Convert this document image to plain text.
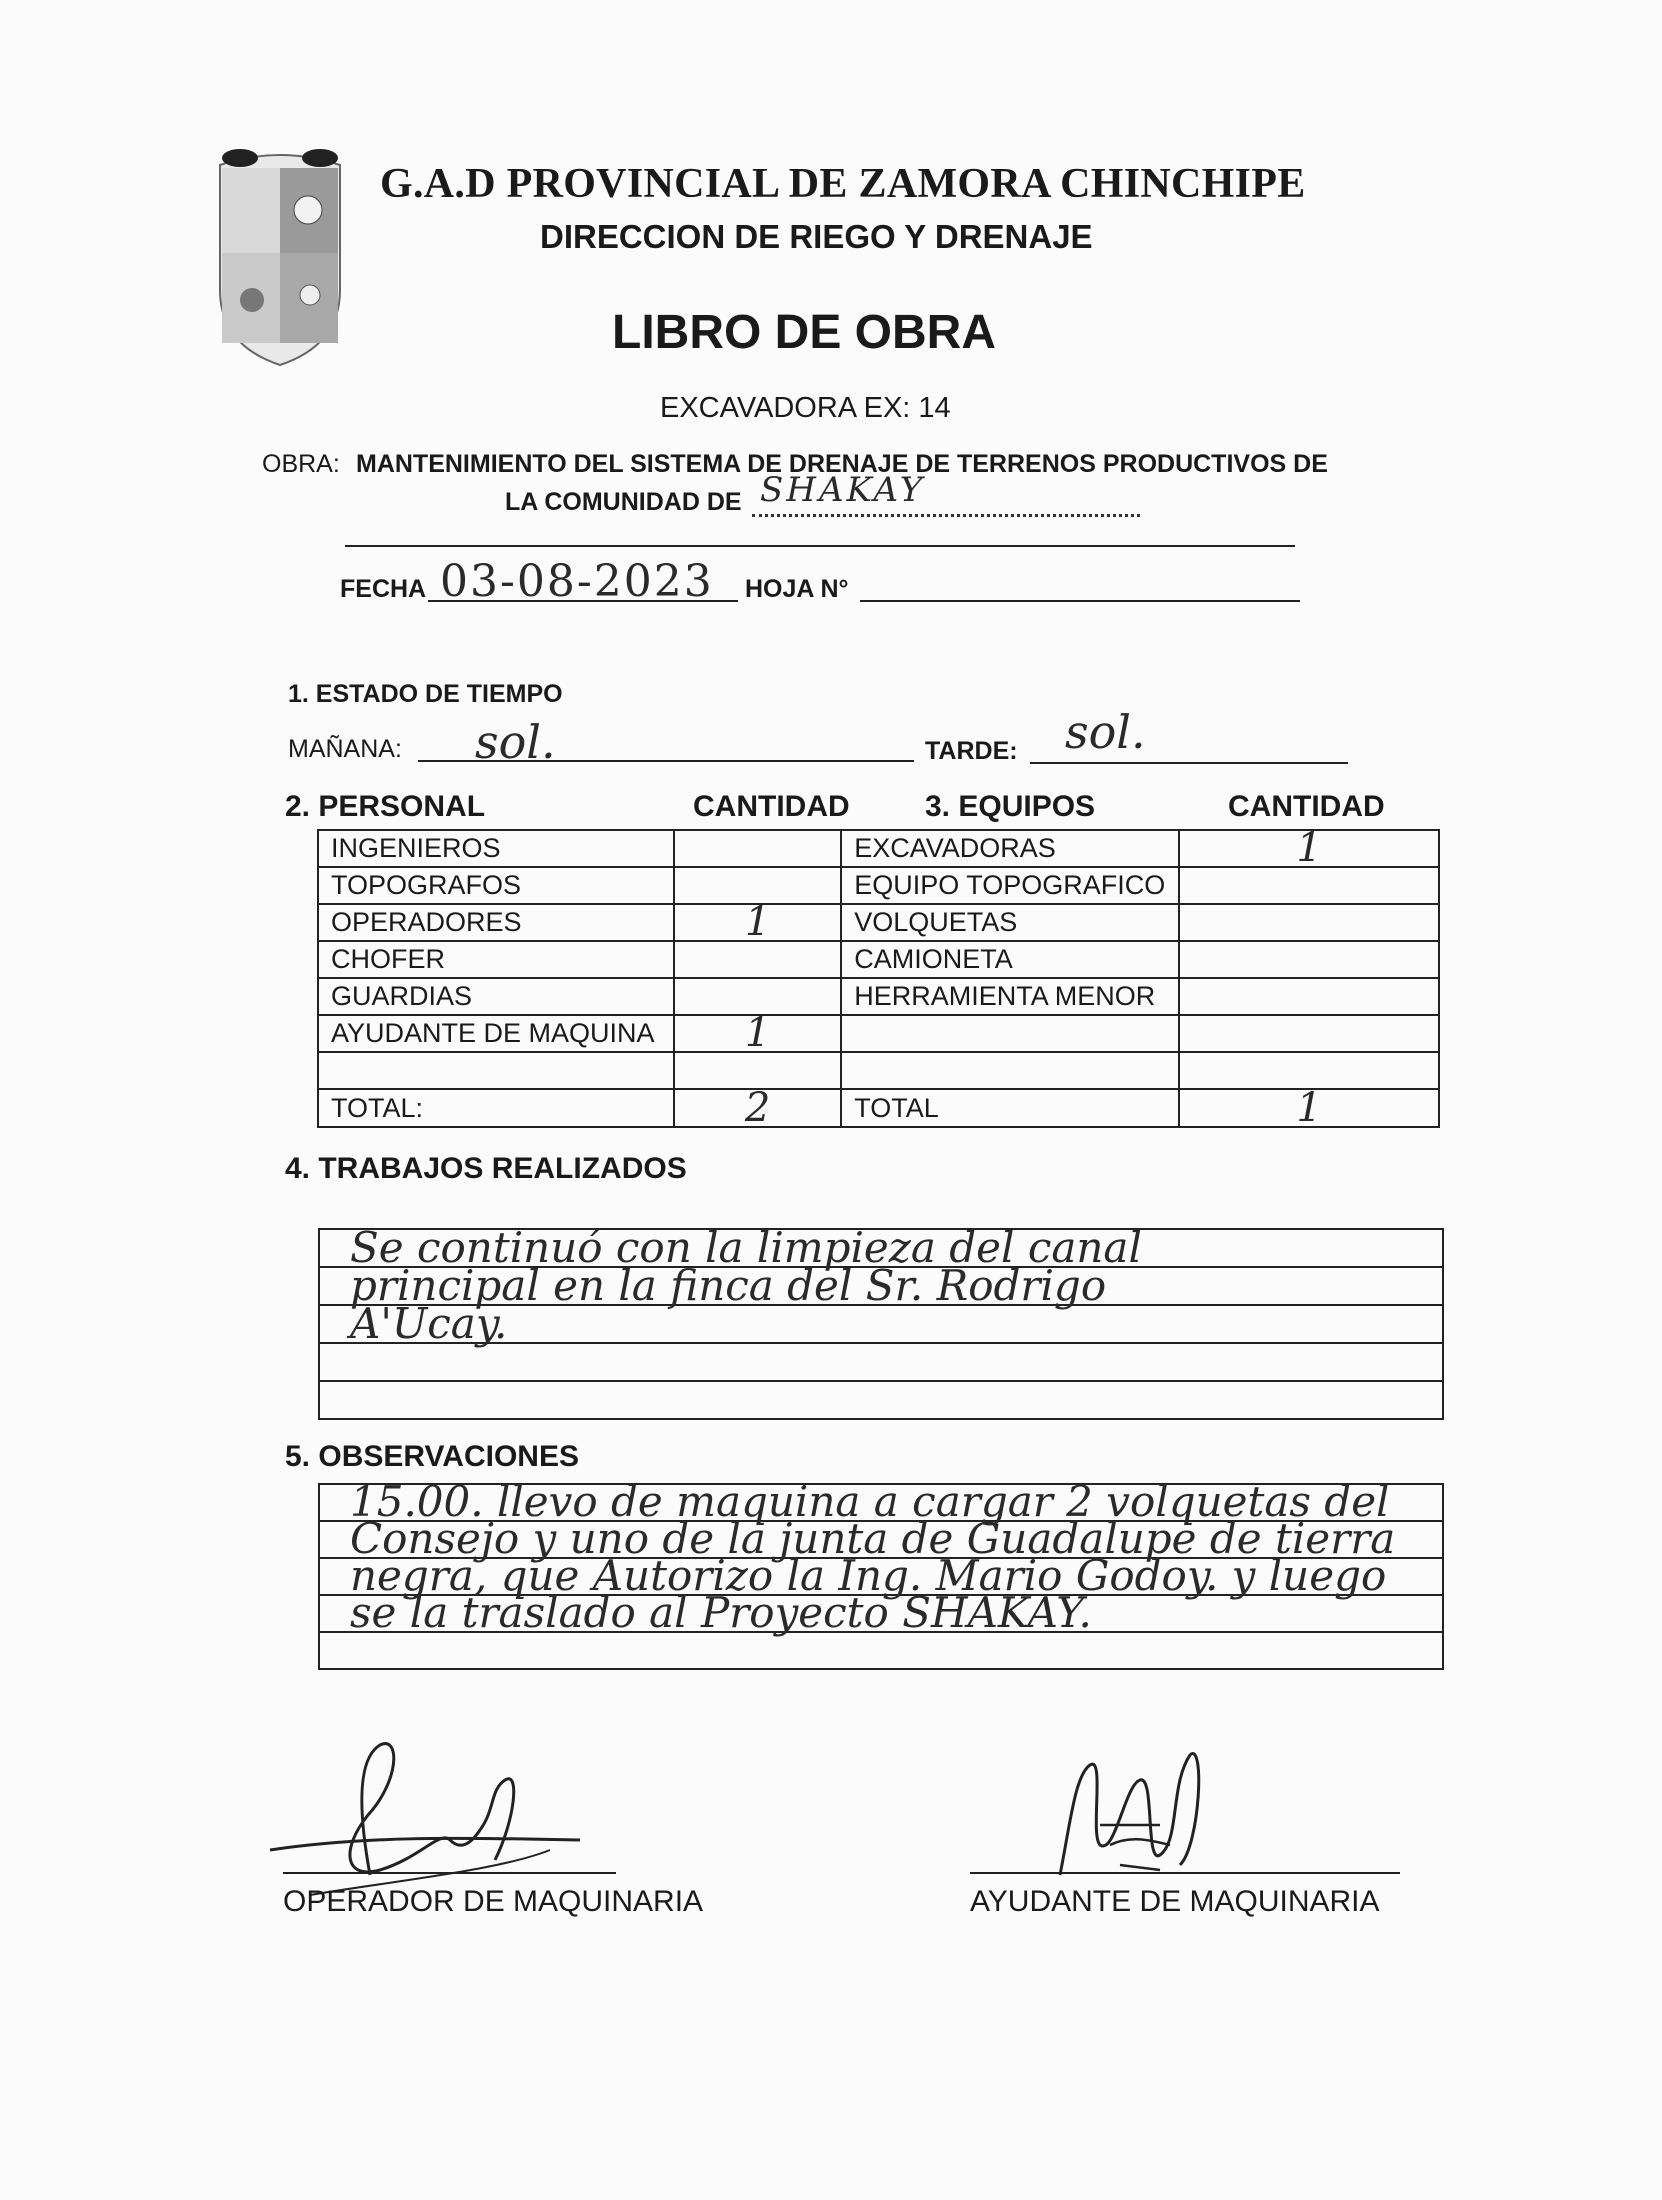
G.A.D PROVINCIAL DE ZAMORA CHINCHIPE
DIRECCION DE RIEGO Y DRENAJE
LIBRO DE OBRA
EXCAVADORA EX: 14
OBRA: MANTENIMIENTO DEL SISTEMA DE DRENAJE DE TERRENOS PRODUCTIVOS DE
LA COMUNIDAD DE SHAKAY
FECHA 03-08-2023 HOJA N°
1. ESTADO DE TIEMPO
MAÑANA: sol.	TARDE: sol.
2. PERSONAL	CANTIDAD	3. EQUIPOS	CANTIDAD
INGENIEROS		EXCAVADORAS	1
TOPOGRAFOS		EQUIPO TOPOGRAFICO	
OPERADORES	1	VOLQUETAS	
CHOFER		CAMIONETA	
GUARDIAS		HERRAMIENTA MENOR	
AYUDANTE DE MAQUINA	1		

TOTAL:	2	TOTAL	1
4. TRABAJOS REALIZADOS
Se continuó con la limpieza del canal
principal en la finca del Sr. Rodrigo
A'Ucay.
5. OBSERVACIONES
15.00. llevo de maquina a cargar 2 volquetas del
Consejo y uno de la junta de Guadalupe de tierra
negra, que Autorizo la Ing. Mario Godoy. y luego
se la traslado al Proyecto SHAKAY.
OPERADOR DE MAQUINARIA	AYUDANTE DE MAQUINARIA
